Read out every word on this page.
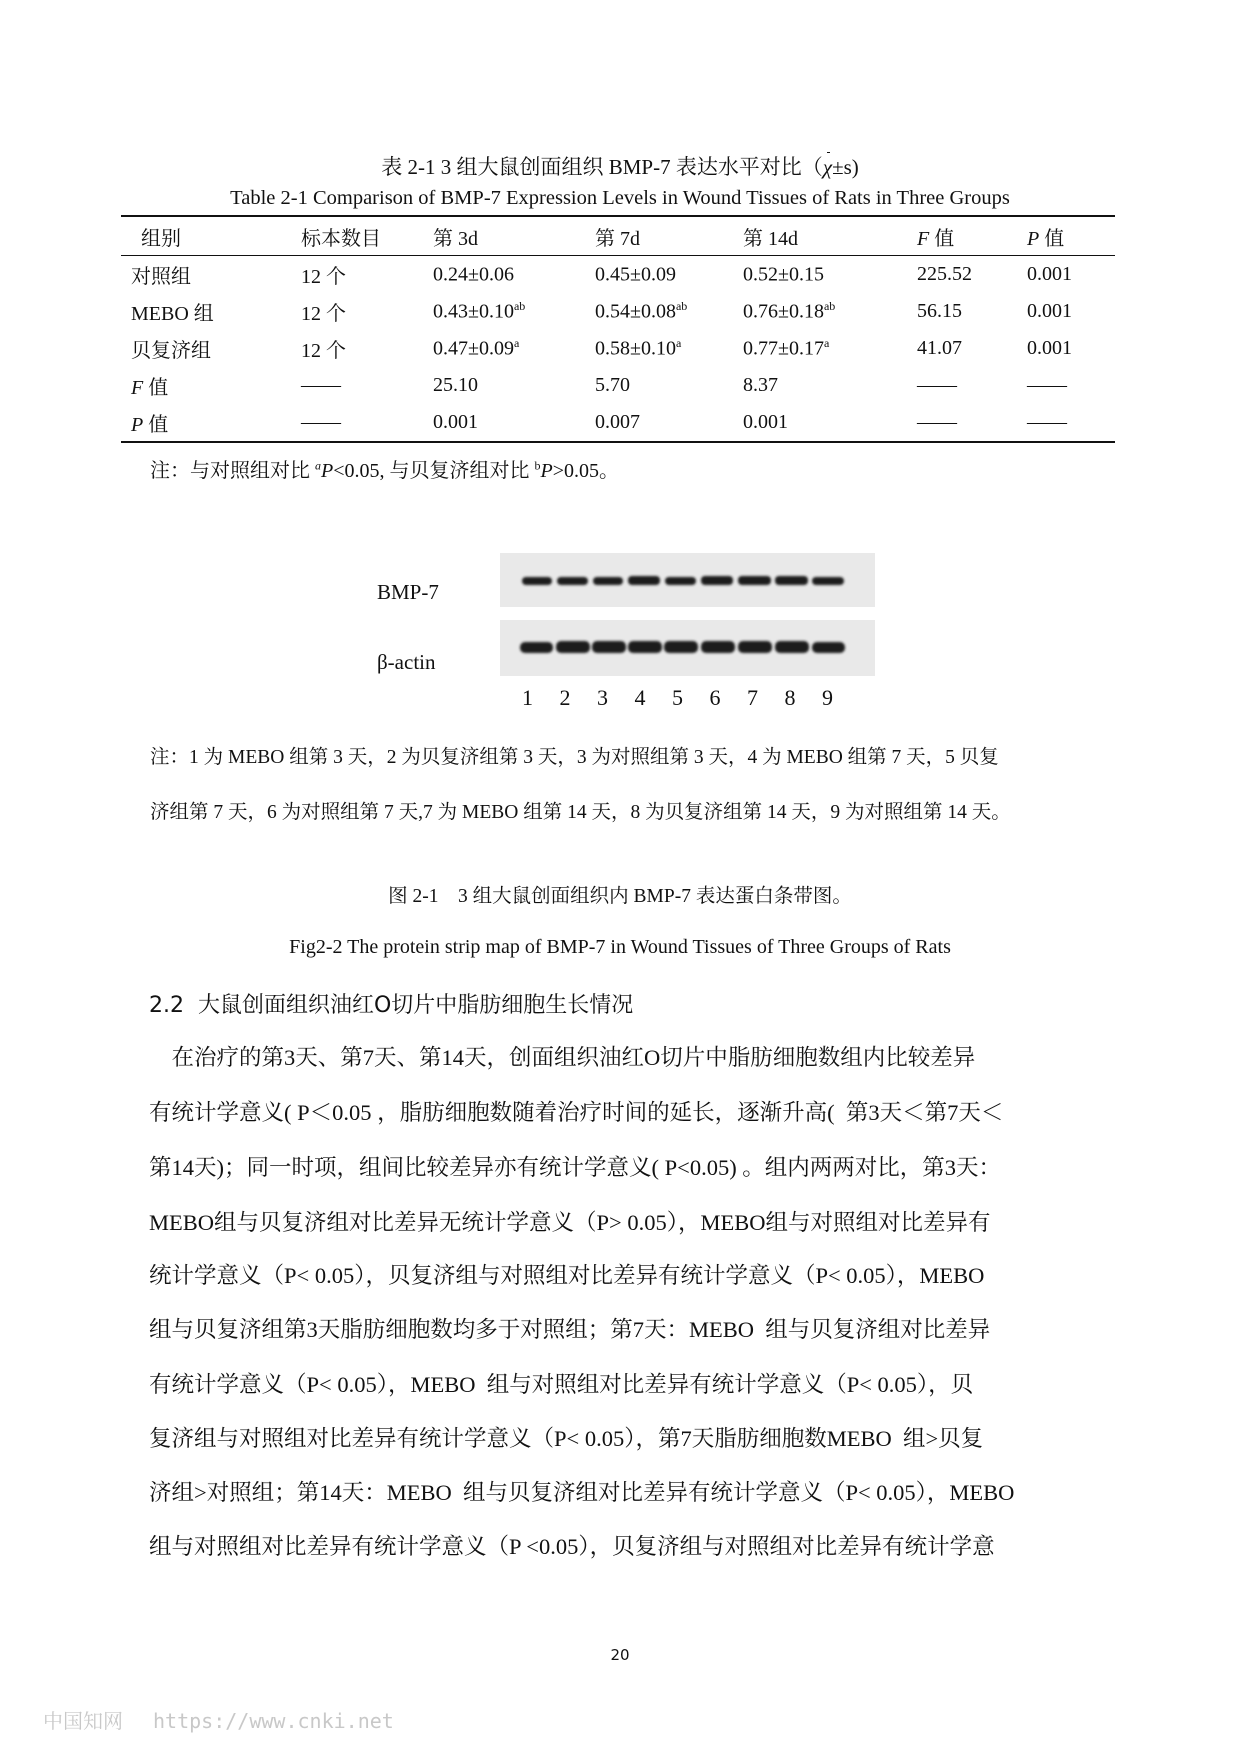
表 2-1 3 组大鼠创面组织 BMP-7 表达水平对比（χ±s)
Table 2-1 Comparison of BMP-7 Expression Levels in Wound Tissues of Rats in Three Groups
组别	标本数目	第 3d	第 7d	第 14d	F 值	P 值
对照组	12 个	0.24±0.06	0.45±0.09	0.52±0.15	225.52	0.001
MEBO 组	12 个	0.43±0.10$^{ab}$	0.54±0.08$^{ab}$	0.76±0.18$^{ab}$	56.15	0.001
贝复济组	12 个	0.47±0.09$^a$	0.58±0.10$^a$	0.77±0.17$^a$	41.07	0.001
F 值	——	25.10	5.70	8.37	——	——
P 值	——	0.001	0.007	0.001	——	——
注：与对照组对比 $^a$P<0.05, 与贝复济组对比 $^b$P>0.05。
BMP-7
β-actin
1 2 3 4 5 6 7 8 9
注：1 为 MEBO 组第 3 天，2 为贝复济组第 3 天，3 为对照组第 3 天，4 为 MEBO 组第 7 天，5 贝复
济组第 7 天，6 为对照组第 7 天,7 为 MEBO 组第 14 天，8 为贝复济组第 14 天，9 为对照组第 14 天。
图 2-1    3 组大鼠创面组织内 BMP-7 表达蛋白条带图。
Fig2-2 The protein strip map of BMP-7 in Wound Tissues of Three Groups of Rats
2.2  大鼠创面组织油红O切片中脂肪细胞生长情况
在治疗的第3天、第7天、第14天，创面组织油红O切片中脂肪细胞数组内比较差异
有统计学意义( P＜0.05 ，脂肪细胞数随着治疗时间的延长，逐渐升高(  第3天＜第7天＜
第14天)；同一时项，组间比较差异亦有统计学意义( P<0.05) 。组内两两对比，第3天：
MEBO组与贝复济组对比差异无统计学意义（P> 0.05），MEBO组与对照组对比差异有
统计学意义（P< 0.05），贝复济组与对照组对比差异有统计学意义（P< 0.05），MEBO
组与贝复济组第3天脂肪细胞数均多于对照组；第7天：MEBO  组与贝复济组对比差异
有统计学意义（P< 0.05），MEBO  组与对照组对比差异有统计学意义（P< 0.05），贝
复济组与对照组对比差异有统计学意义（P< 0.05），第7天脂肪细胞数MEBO  组>贝复
济组>对照组；第14天：MEBO  组与贝复济组对比差异有统计学意义（P< 0.05），MEBO
组与对照组对比差异有统计学意义（P <0.05），贝复济组与对照组对比差异有统计学意
20
中国知网 https://www.cnki.net
